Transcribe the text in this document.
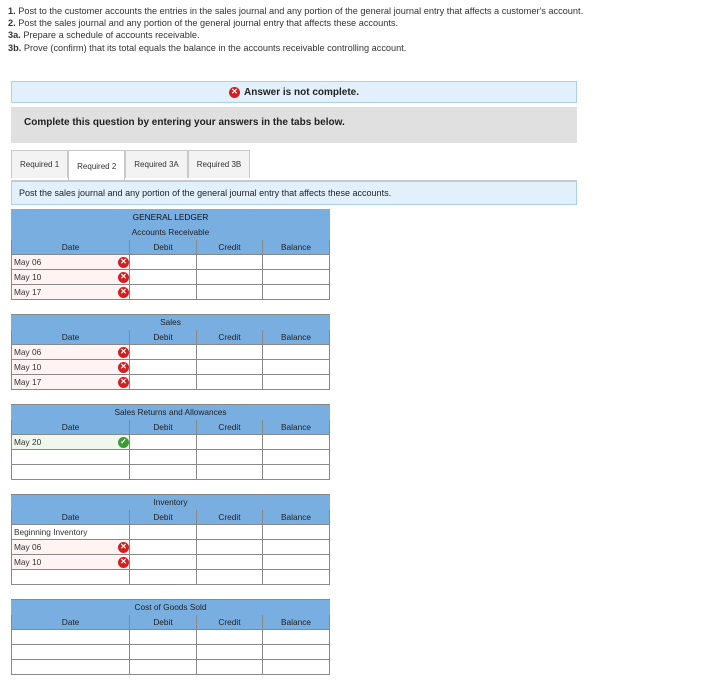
1. Post to the customer accounts the entries in the sales journal and any portion of the general journal entry that affects a customer's account.

2. Post the sales journal and any portion of the general journal entry that affects these accounts.

3a. Prepare a schedule of accounts receivable.

3b. Prove (confirm) that its total equals the balance in the accounts receivable controlling account.

✕ Answer is not complete.
Complete this question by entering your answers in the tabs below.
Required 1	Required 2	Required 3A	Required 3B
Post the sales journal and any portion of the general journal entry that affects these accounts.
GENERAL LEDGER			
Accounts Receivable			
Date	Debit	Credit	Balance

May 06 ✕			

May 10 ✕			

May 17 ✕			

Sales			
Date	Debit	Credit	Balance

May 06 ✕			

May 10 ✕			

May 17 ✕			

Sales Returns and Allowances			
Date	Debit	Credit	Balance

May 20 ✓			

Inventory			
Date	Debit	Credit	Balance
Beginning Inventory			

May 06 ✕			

May 10 ✕			

Cost of Goods Sold			
Date	Debit	Credit	Balance
